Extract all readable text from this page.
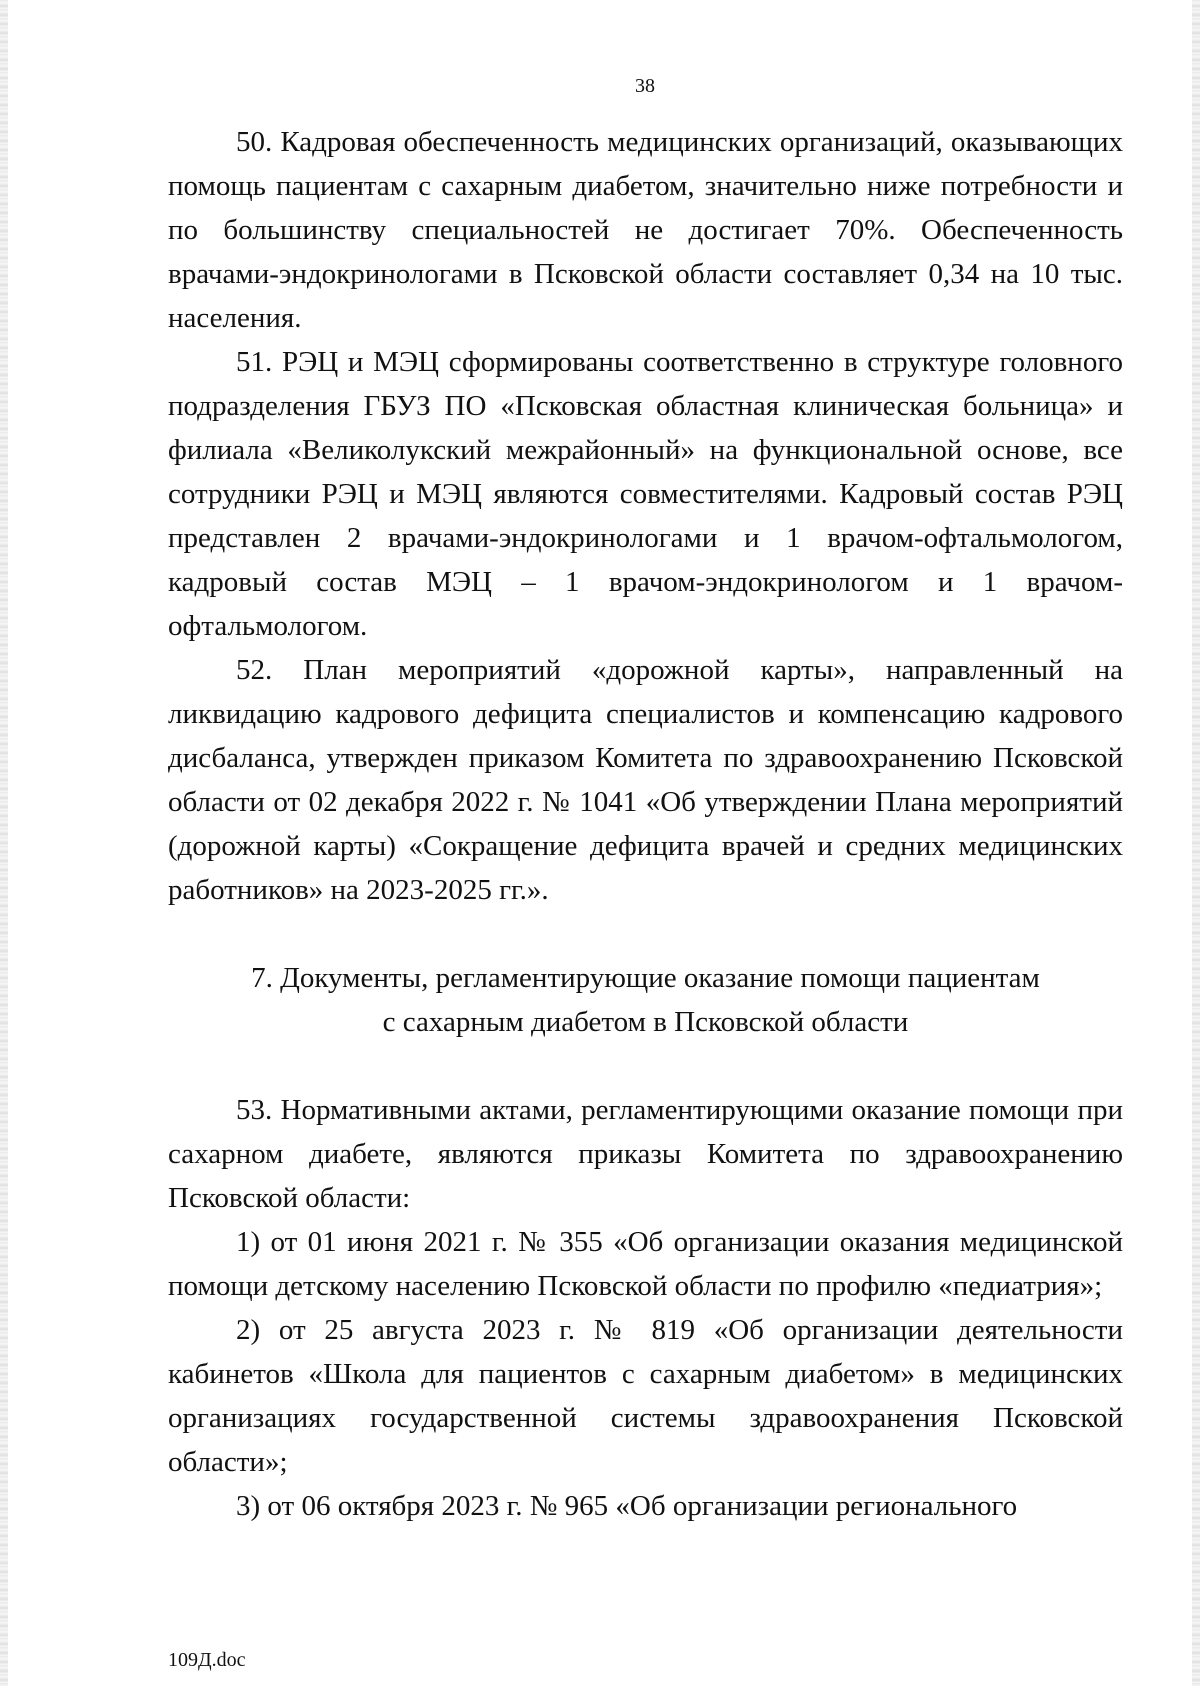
38

50. Кадровая обеспеченность медицинских организаций, оказывающих помощь пациентам с сахарным диабетом, значительно ниже потребности и по большинству специальностей не достигает 70%. Обеспеченность врачами-эндокринологами в Псковской области составляет 0,34 на 10 тыс. населения.

51. РЭЦ и МЭЦ сформированы соответственно в структуре головного подразделения ГБУЗ ПО «Псковская областная клиническая больница» и филиала «Великолукский межрайонный» на функциональной основе, все сотрудники РЭЦ и МЭЦ являются совместителями. Кадровый состав РЭЦ представлен 2 врачами-эндокринологами и 1 врачом-офтальмологом, кадровый состав МЭЦ – 1 врачом-эндокринологом и 1 врачом-офтальмологом.

52. План мероприятий «дорожной карты», направленный на ликвидацию кадрового дефицита специалистов и компенсацию кадрового дисбаланса, утвержден приказом Комитета по здравоохранению Псковской области от 02 декабря 2022 г. № 1041 «Об утверждении Плана мероприятий (дорожной карты) «Сокращение дефицита врачей и средних медицинских работников» на 2023-2025 гг.».

7. Документы, регламентирующие оказание помощи пациентам
с сахарным диабетом в Псковской области

53. Нормативными актами, регламентирующими оказание помощи при сахарном диабете, являются приказы Комитета по здравоохранению Псковской области:

1) от 01 июня 2021 г. № 355 «Об организации оказания медицинской помощи детскому населению Псковской области по профилю «педиатрия»;

2) от 25 августа 2023 г. № 819 «Об организации деятельности кабинетов «Школа для пациентов с сахарным диабетом» в медицинских организациях государственной системы здравоохранения Псковской области»;

3) от 06 октября 2023 г. № 965 «Об организации регионального

109Д.doc
